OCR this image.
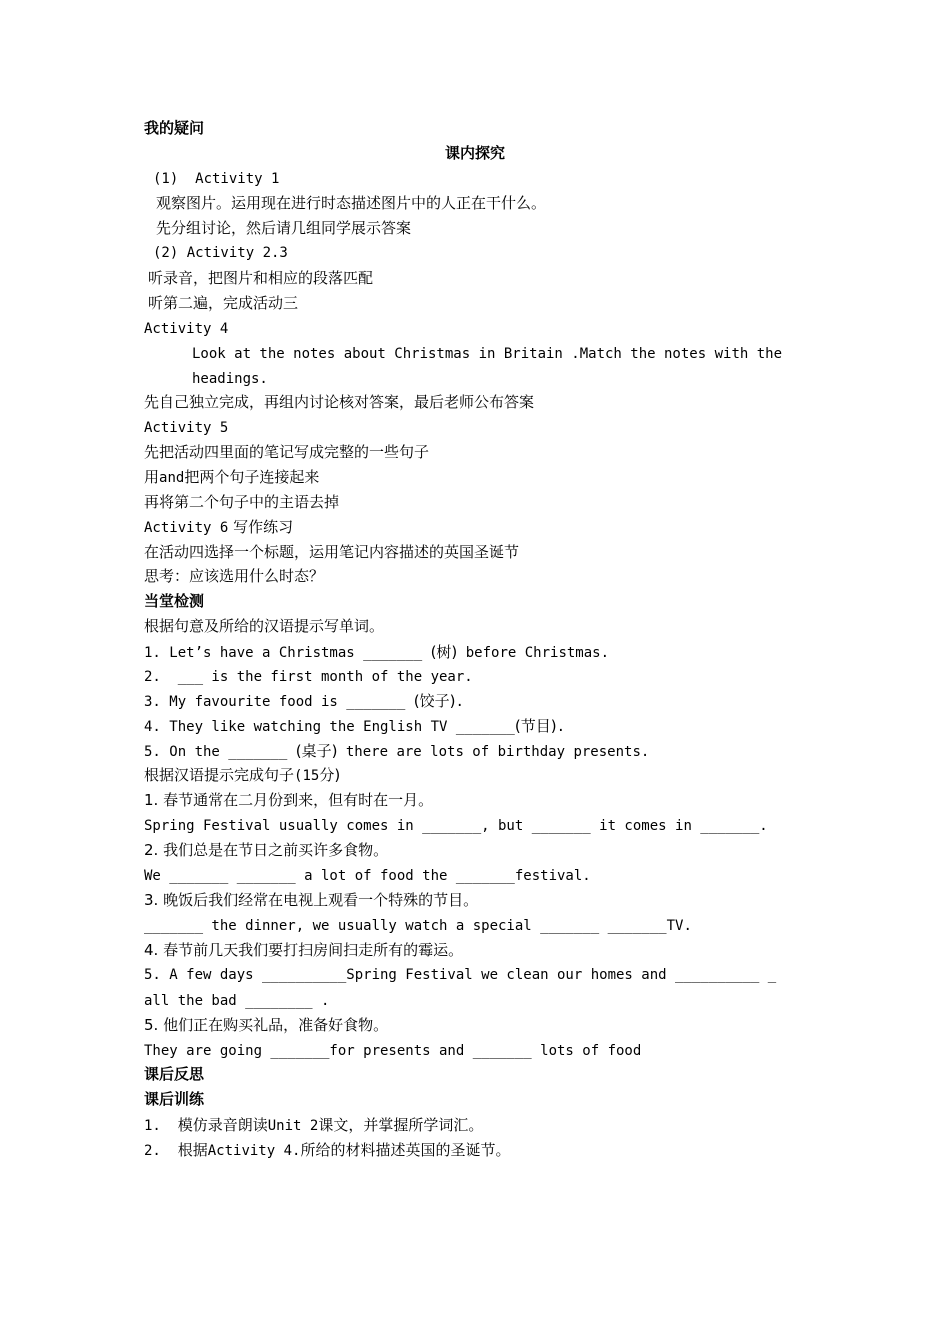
我的疑问
课内探究
(1)  Activity 1
观察图片。运用现在进行时态描述图片中的人正在干什么。
先分组讨论，然后请几组同学展示答案
(2) Activity 2.3
听录音，把图片和相应的段落匹配
听第二遍，完成活动三
Activity 4
Look at the notes about Christmas in Britain .Match the notes with the
headings.
先自己独立完成，再组内讨论核对答案，最后老师公布答案
Activity 5
先把活动四里面的笔记写成完整的一些句子
用and把两个句子连接起来
再将第二个句子中的主语去掉
Activity 6 写作练习
在活动四选择一个标题，运用笔记内容描述的英国圣诞节
思考：应该选用什么时态？
当堂检测
根据句意及所给的汉语提示写单词。
1. Let’s have a Christmas _______ (树) before Christmas.
2.  ___ is the first month of the year.
3. My favourite food is _______ (饺子).
4. They like watching the English TV _______(节目).
5. On the _______ (桌子) there are lots of birthday presents.
根据汉语提示完成句子(15分)
1. 春节通常在二月份到来，但有时在一月。
Spring Festival usually comes in _______, but _______ it comes in _______.
2. 我们总是在节日之前买许多食物。
We _______ _______ a lot of food the _______festival.
3. 晚饭后我们经常在电视上观看一个特殊的节目。
_______ the dinner, we usually watch a special _______ _______TV.
4. 春节前几天我们要打扫房间扫走所有的霉运。
5. A few days __________Spring Festival we clean our homes and __________ _
all the bad ________ .
5. 他们正在购买礼品，准备好食物。
They are going _______for presents and _______ lots of food
课后反思
课后训练
1.  模仿录音朗读Unit 2课文，并掌握所学词汇。
2.  根据Activity 4.所给的材料描述英国的圣诞节。
